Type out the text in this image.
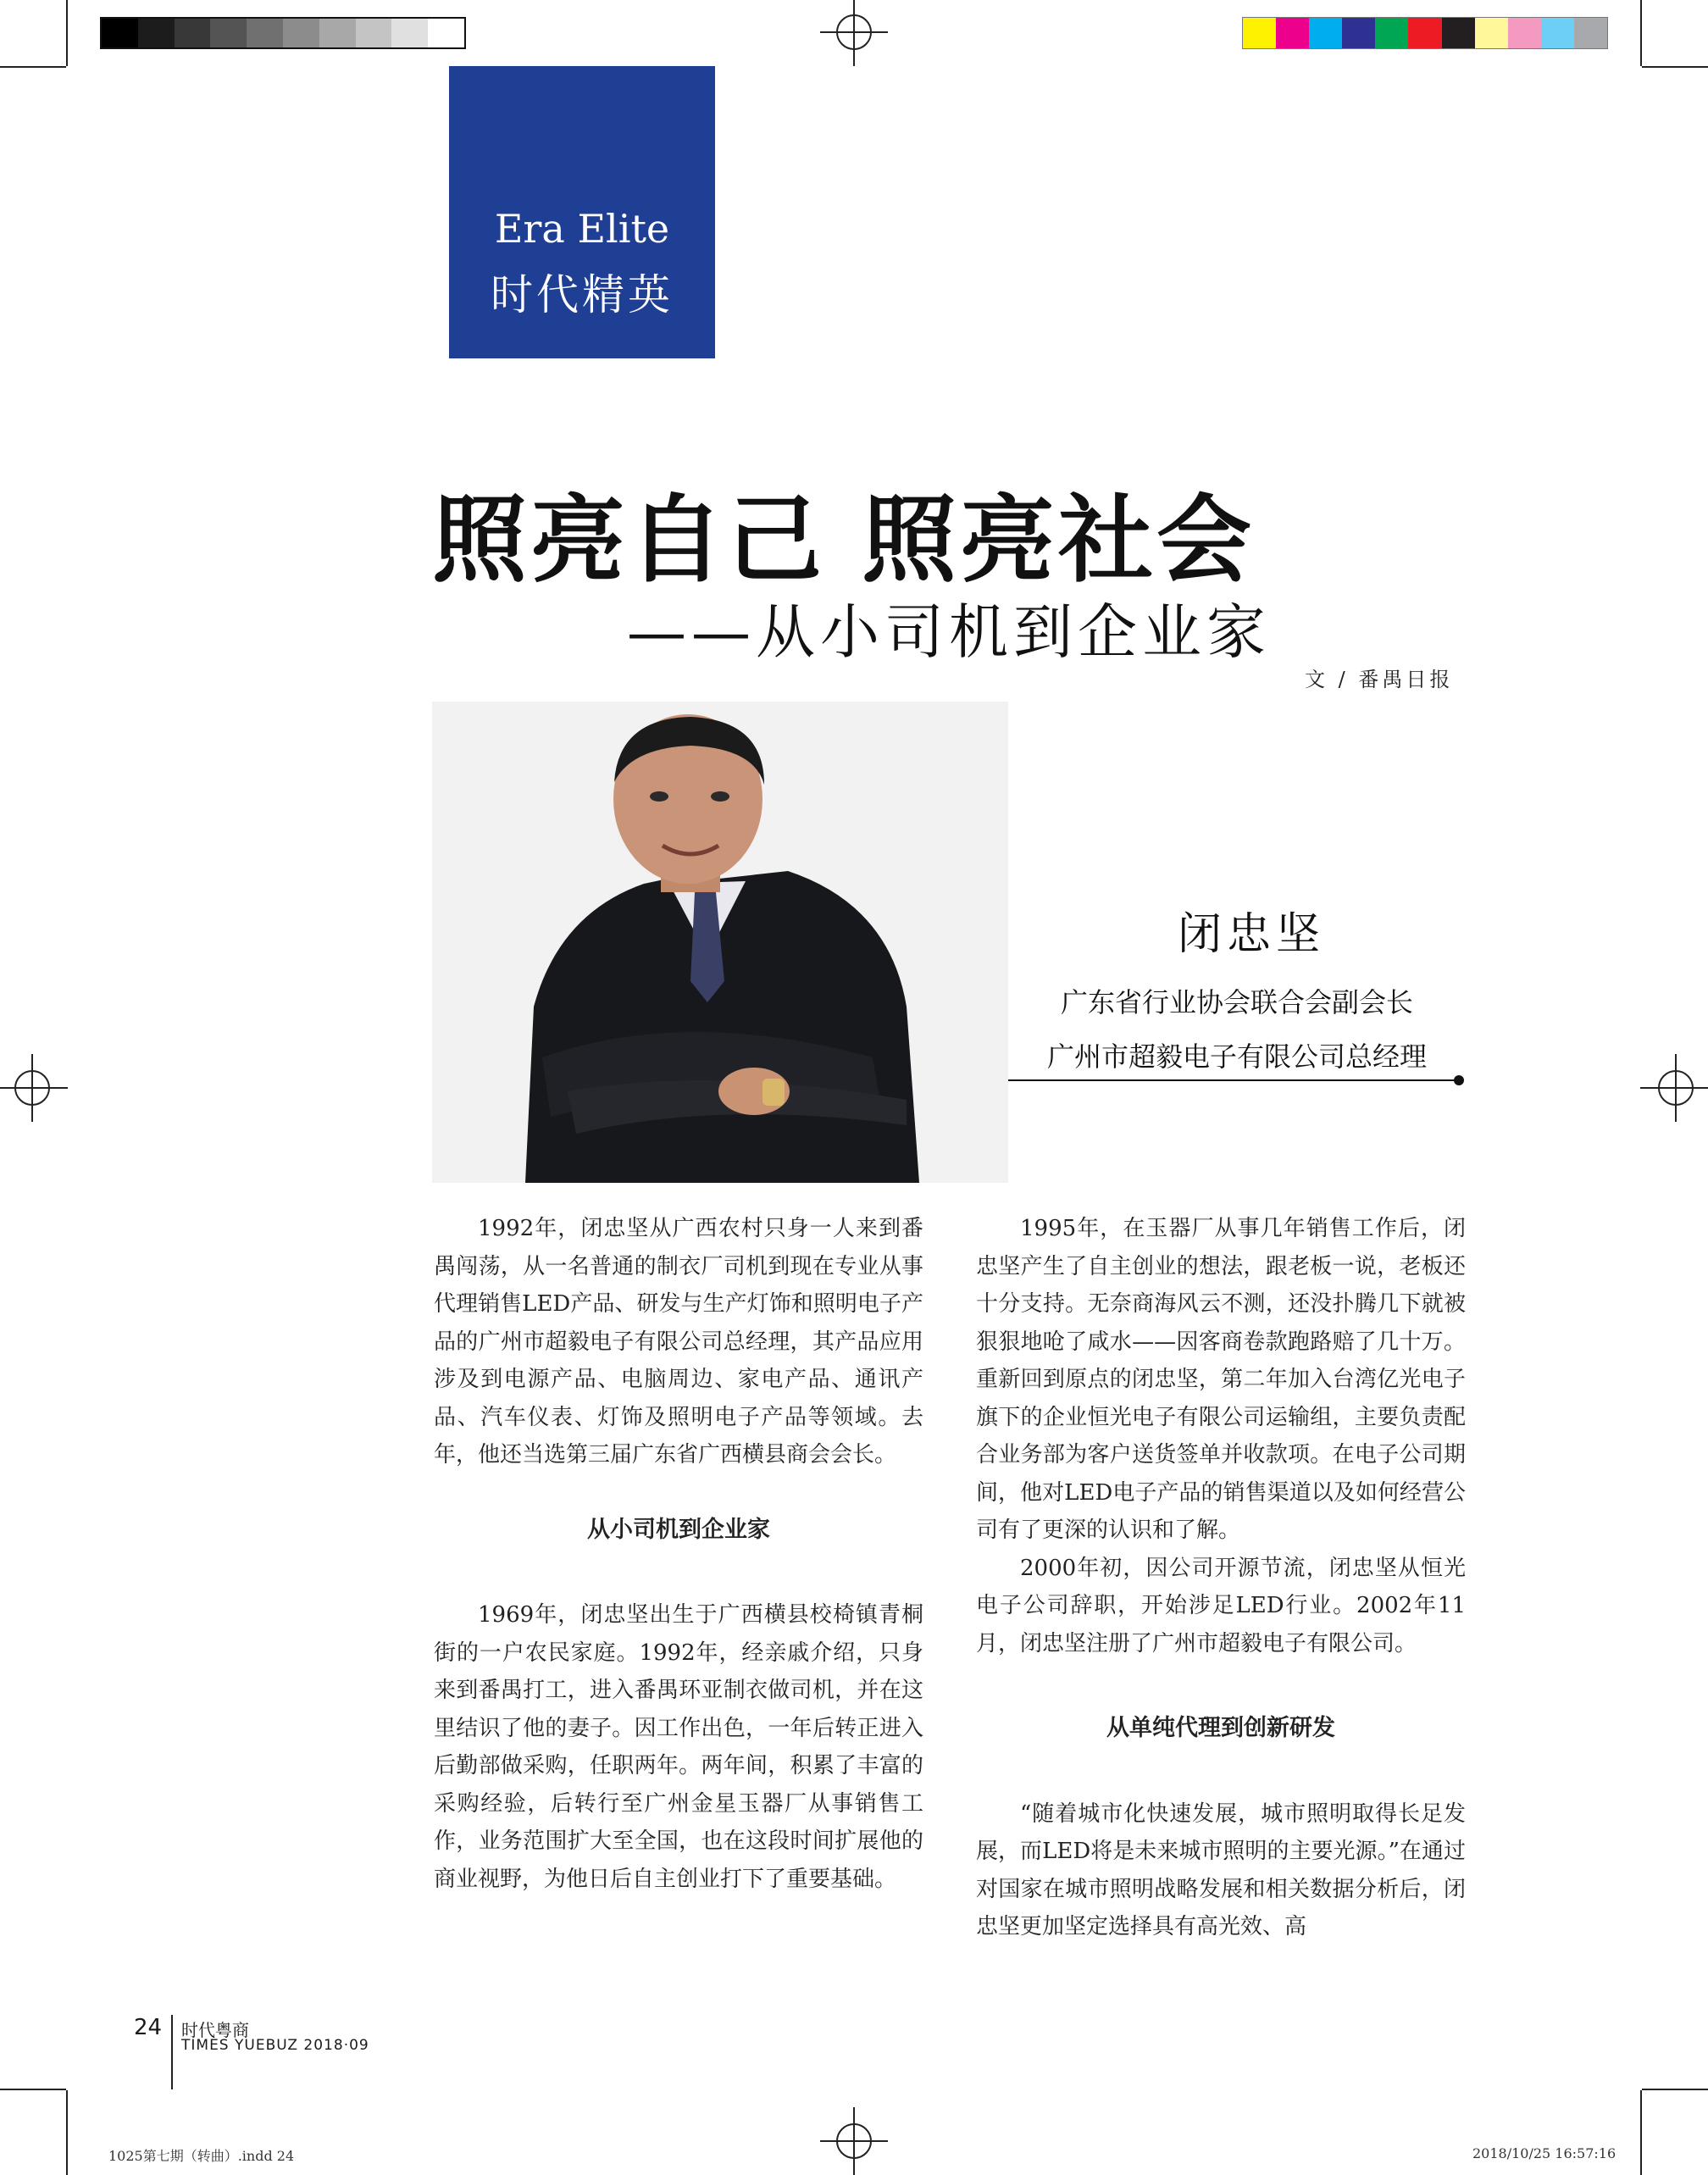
Era Elite
时代精英
照亮自己 照亮社会
——从小司机到企业家
文 / 番禺日报
闭忠坚
广东省行业协会联合会副会长
广州市超毅电子有限公司总经理

1992年，闭忠坚从广西农村只身一人来到番禺闯荡，从一名普通的制衣厂司机到现在专业从事代理销售LED产品、研发与生产灯饰和照明电子产品的广州市超毅电子有限公司总经理，其产品应用涉及到电源产品、电脑周边、家电产品、通讯产品、汽车仪表、灯饰及照明电子产品等领域。去年，他还当选第三届广东省广西横县商会会长。

从小司机到企业家

1969年，闭忠坚出生于广西横县校椅镇青桐街的一户农民家庭。1992年，经亲戚介绍，只身来到番禺打工，进入番禺环亚制衣做司机，并在这里结识了他的妻子。因工作出色，一年后转正进入后勤部做采购，任职两年。两年间，积累了丰富的采购经验，后转行至广州金星玉器厂从事销售工作，业务范围扩大至全国，也在这段时间扩展他的商业视野，为他日后自主创业打下了重要基础。

1995年，在玉器厂从事几年销售工作后，闭忠坚产生了自主创业的想法，跟老板一说，老板还十分支持。无奈商海风云不测，还没扑腾几下就被狠狠地呛了咸水——因客商卷款跑路赔了几十万。重新回到原点的闭忠坚，第二年加入台湾亿光电子旗下的企业恒光电子有限公司运输组，主要负责配合业务部为客户送货签单并收款项。在电子公司期间，他对LED电子产品的销售渠道以及如何经营公司有了更深的认识和了解。

2000年初，因公司开源节流，闭忠坚从恒光电子公司辞职，开始涉足LED行业。2002年11月，闭忠坚注册了广州市超毅电子有限公司。

从单纯代理到创新研发

“随着城市化快速发展，城市照明取得长足发展，而LED将是未来城市照明的主要光源。”在通过对国家在城市照明战略发展和相关数据分析后，闭忠坚更加坚定选择具有高光效、高

24 时代粤商
TIMES YUEBUZ 2018·09
1025第七期（转曲）.indd 24	2018/10/25 16:57:16
